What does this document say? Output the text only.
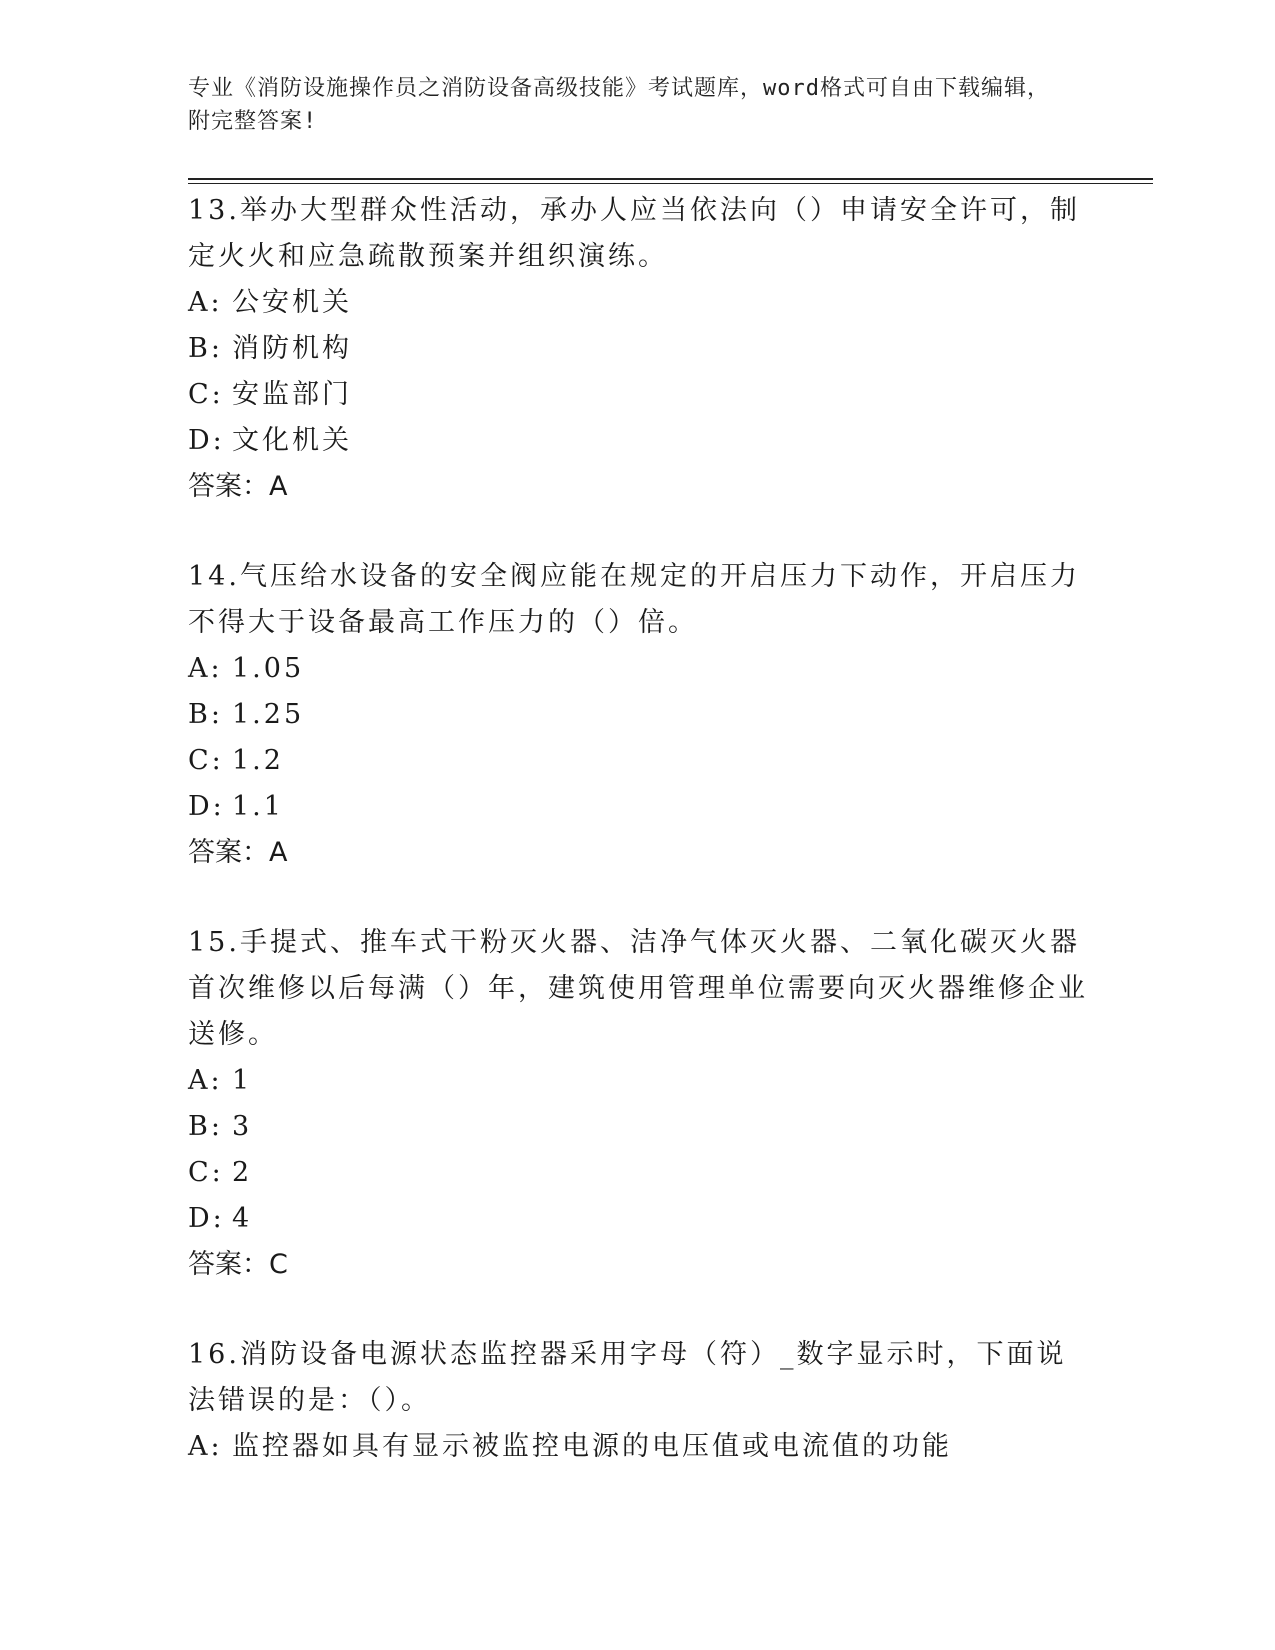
专业《消防设施操作员之消防设备高级技能》考试题库，word格式可自由下载编辑，附完整答案!

13.举办大型群众性活动，承办人应当依法向（）申请安全许可，制定火火和应急疏散预案并组织演练。

A: 公安机关

B: 消防机构

C: 安监部门

D: 文化机关

答案：A

14.气压给水设备的安全阀应能在规定的开启压力下动作，开启压力不得大于设备最高工作压力的（）倍。

A: 1.05

B: 1.25

C: 1.2

D: 1.1

答案：A

15.手提式、推车式干粉灭火器、洁净气体灭火器、二氧化碳灭火器首次维修以后每满（）年，建筑使用管理单位需要向灭火器维修企业送修。

A: 1

B: 3

C: 2

D: 4

答案：C

16.消防设备电源状态监控器采用字母（符）_数字显示时，下面说法错误的是：（）。

A: 监控器如具有显示被监控电源的电压值或电流值的功能
